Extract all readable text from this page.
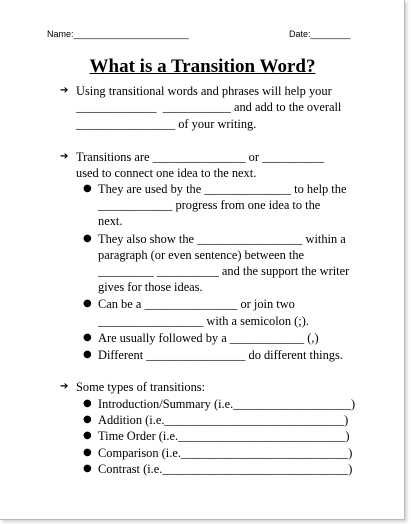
Name:_______________________	Date:________
What is a Transition Word?
➔ Using transitional words and phrases will help your
_____________  ___________ and add to the overall
________________ of your writing.
➔ Transitions are _______________ or __________
used to connect one idea to the next.
● They are used by the ______________ to help the
____________ progress from one idea to the
next.
● They also show the _________________ within a
paragraph (or even sentence) between the
_________ __________ and the support the writer
gives for those ideas.
● Can be a _______________ or join two
_________________ with a semicolon (;).
● Are usually followed by a ____________ (,)
● Different ________________ do different things.
➔ Some types of transitions:
● Introduction/Summary (i.e.___________________)
● Addition (i.e._____________________________)
● Time Order (i.e.___________________________)
● Comparison (i.e.___________________________)
● Contrast (i.e.______________________________)
